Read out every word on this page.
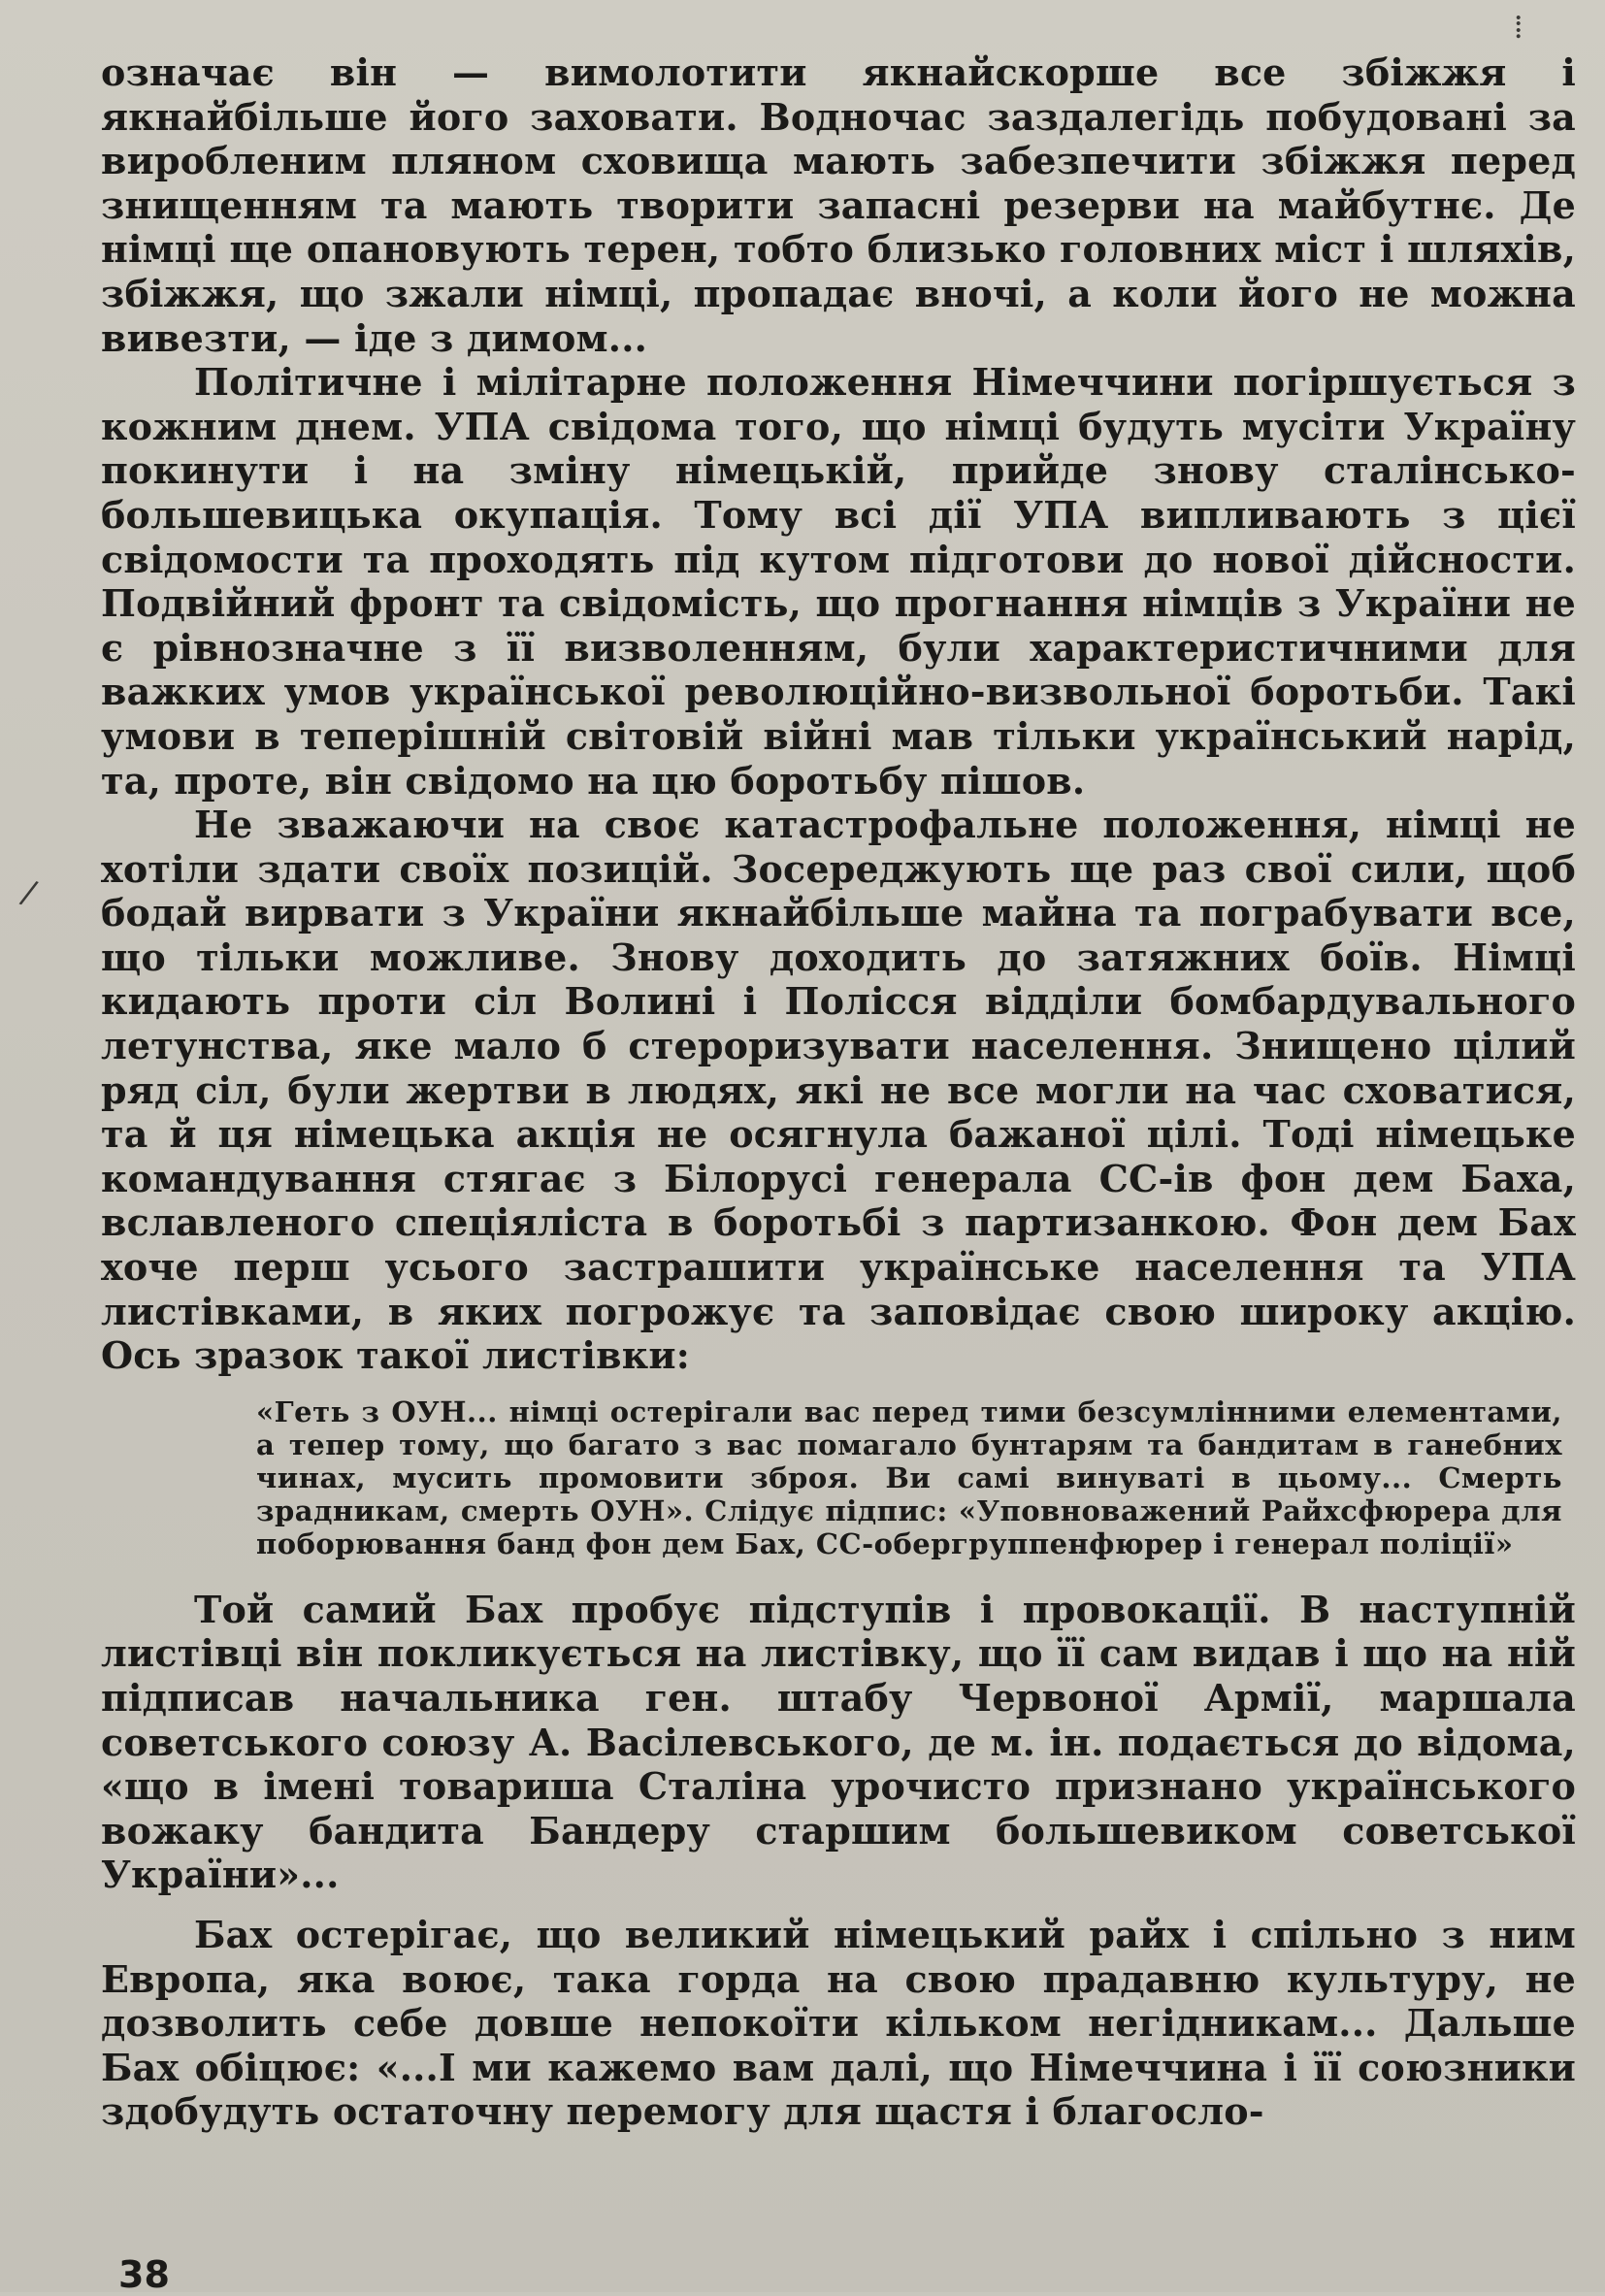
⁞
/

означає він — вимолотити якнайскорше все збіжжя і якнайбільше його заховати. Водночас заздалегідь побудовані за виробленим пляном сховища мають забезпечити збіжжя перед знищенням та мають творити запасні резерви на майбутнє. Де німці ще опановують терен, тобто близько головних міст і шляхів, збіжжя, що зжали німці, пропадає вночі, а коли його не можна вивезти, — іде з димом...

Політичне і мілітарне положення Німеччини погіршується з кожним днем. УПА свідома того, що німці будуть мусіти Україну покинути і на зміну німецькій, прийде знову сталінсько-большевицька окупація. Тому всі дії УПА випливають з цієї свідомости та проходять під кутом підготови до нової дійсности. Подвійний фронт та свідомість, що прогнання німців з України не є рівнозначне з її визволенням, були характеристичними для важких умов української революційно-визвольної боротьби. Такі умови в теперішній світовій війні мав тільки український нарід, та, проте, він свідомо на цю боротьбу пішов.

Не зважаючи на своє катастрофальне положення, німці не хотіли здати своїх позицій. Зосереджують ще раз свої сили, щоб бодай вирвати з України якнайбільше майна та пограбувати все, що тільки можливе. Знову доходить до затяжних боїв. Німці кидають проти сіл Волині і Полісся відділи бомбардувального летунства, яке мало б стероризувати населення. Знищено цілий ряд сіл, були жертви в людях, які не все могли на час сховатися, та й ця німецька акція не осягнула бажаної цілі. Тоді німецьке командування стягає з Білорусі генерала СС-ів фон дем Баха, вславленого спеціяліста в боротьбі з партизанкою. Фон дем Бах хоче перш усього застрашити українське населення та УПА листівками, в яких погрожує та заповідає свою широку акцію. Ось зразок такої листівки:

«Геть з ОУН... німці остерігали вас перед тими безсумлінними елементами, а тепер тому, що багато з вас помагало бунтарям та бандитам в ганебних чинах, мусить промовити зброя. Ви самі винуваті в цьому... Смерть зрадникам, смерть ОУН». Слідує підпис: «Уповноважений Райхсфюрера для поборювання банд фон дем Бах, СС-обергруппенфюрер і генерал поліції»

Той самий Бах пробує підступів і провокації. В наступній листівці він покликується на листівку, що її сам видав і що на ній підписав начальника ген. штабу Червоної Армії, маршала советського союзу А. Васілевського, де м. ін. подається до відома, «що в імені товариша Сталіна урочисто признано українського вожаку бандита Бандеру старшим большевиком советської України»...

Бах остерігає, що великий німецький райх і спільно з ним Европа, яка воює, така горда на свою прадавню культуру, не дозволить себе довше непокоїти кільком негідникам... Дальше Бах обіцює: «...І ми кажемо вам далі, що Німеччина і її союзники здобудуть остаточну перемогу для щастя і благосло-

38
